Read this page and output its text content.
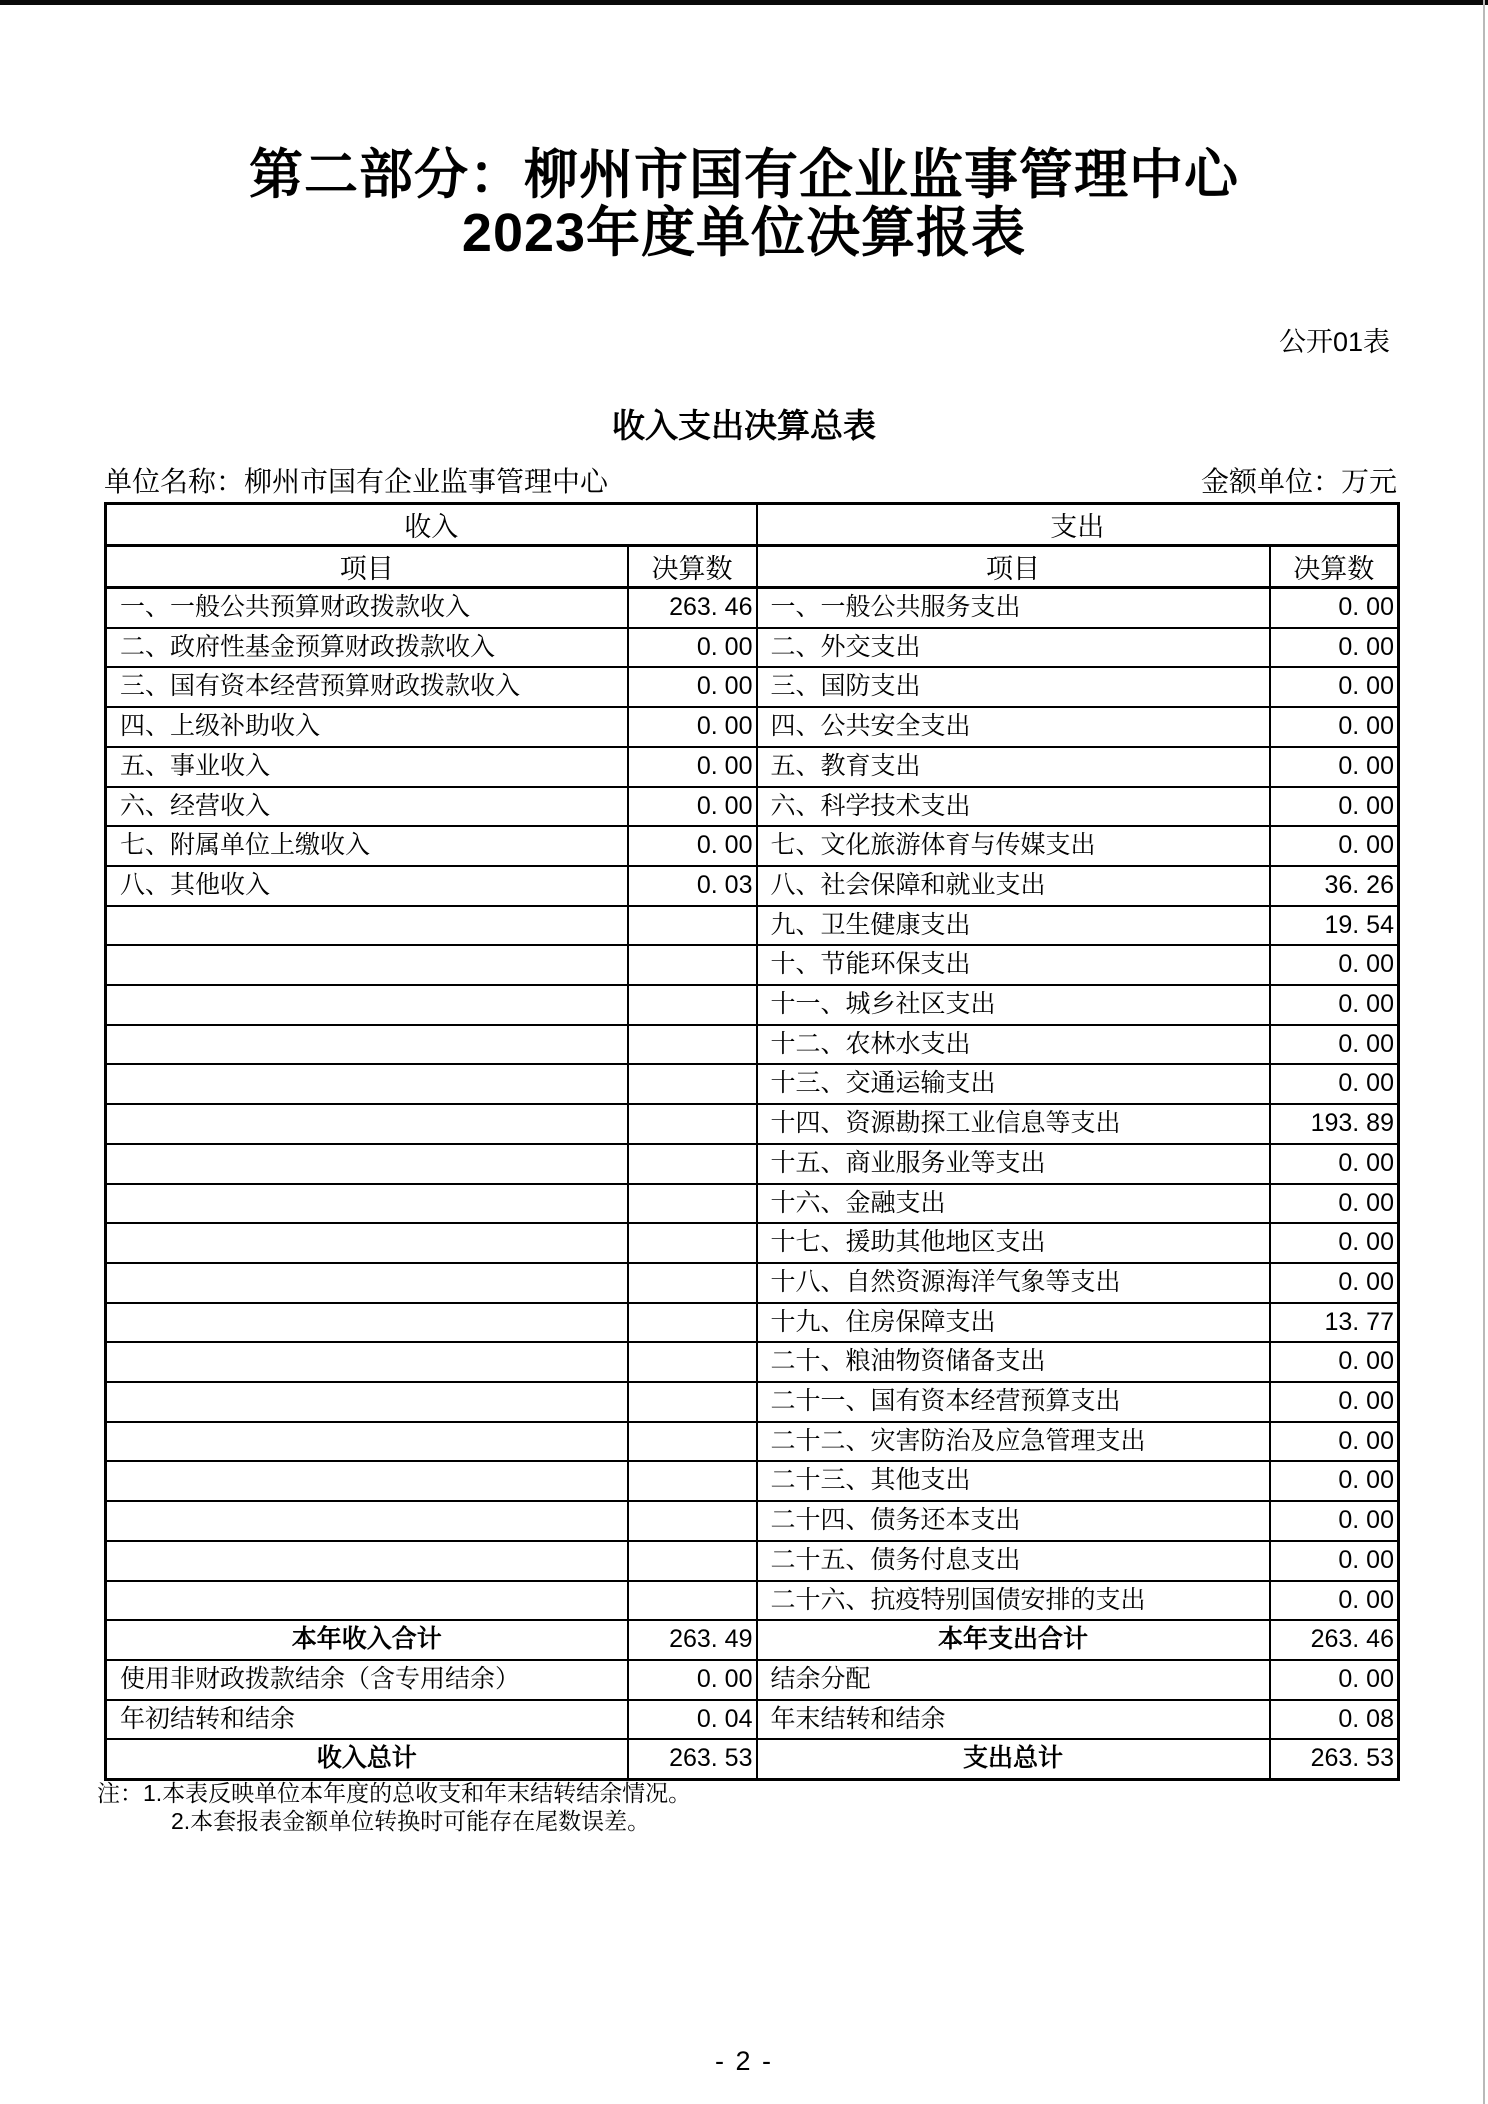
第二部分：柳州市国有企业监事管理中心
2023年度单位决算报表
公开01表
收入支出决算总表
单位名称：柳州市国有企业监事管理中心	金额单位：万元
收入		支出	
项目	决算数	项目	决算数
一、一般公共预算财政拨款收入	263. 46	一、一般公共服务支出	0. 00
二、政府性基金预算财政拨款收入	0. 00	二、外交支出	0. 00
三、国有资本经营预算财政拨款收入	0. 00	三、国防支出	0. 00
四、上级补助收入	0. 00	四、公共安全支出	0. 00
五、事业收入	0. 00	五、教育支出	0. 00
六、经营收入	0. 00	六、科学技术支出	0. 00
七、附属单位上缴收入	0. 00	七、文化旅游体育与传媒支出	0. 00
八、其他收入	0. 03	八、社会保障和就业支出	36. 26
		九、卫生健康支出	19. 54
		十、节能环保支出	0. 00
		十一、城乡社区支出	0. 00
		十二、农林水支出	0. 00
		十三、交通运输支出	0. 00
		十四、资源勘探工业信息等支出	193. 89
		十五、商业服务业等支出	0. 00
		十六、金融支出	0. 00
		十七、援助其他地区支出	0. 00
		十八、自然资源海洋气象等支出	0. 00
		十九、住房保障支出	13. 77
		二十、粮油物资储备支出	0. 00
		二十一、国有资本经营预算支出	0. 00
		二十二、灾害防治及应急管理支出	0. 00
		二十三、其他支出	0. 00
		二十四、债务还本支出	0. 00
		二十五、债务付息支出	0. 00
		二十六、抗疫特别国债安排的支出	0. 00
本年收入合计	263. 49	本年支出合计	263. 46
使用非财政拨款结余（含专用结余）	0. 00	结余分配	0. 00
年初结转和结余	0. 04	年末结转和结余	0. 08
收入总计	263. 53	支出总计	263. 53
注：1.本表反映单位本年度的总收支和年末结转结余情况。
2.本套报表金额单位转换时可能存在尾数误差。
- 2 -
